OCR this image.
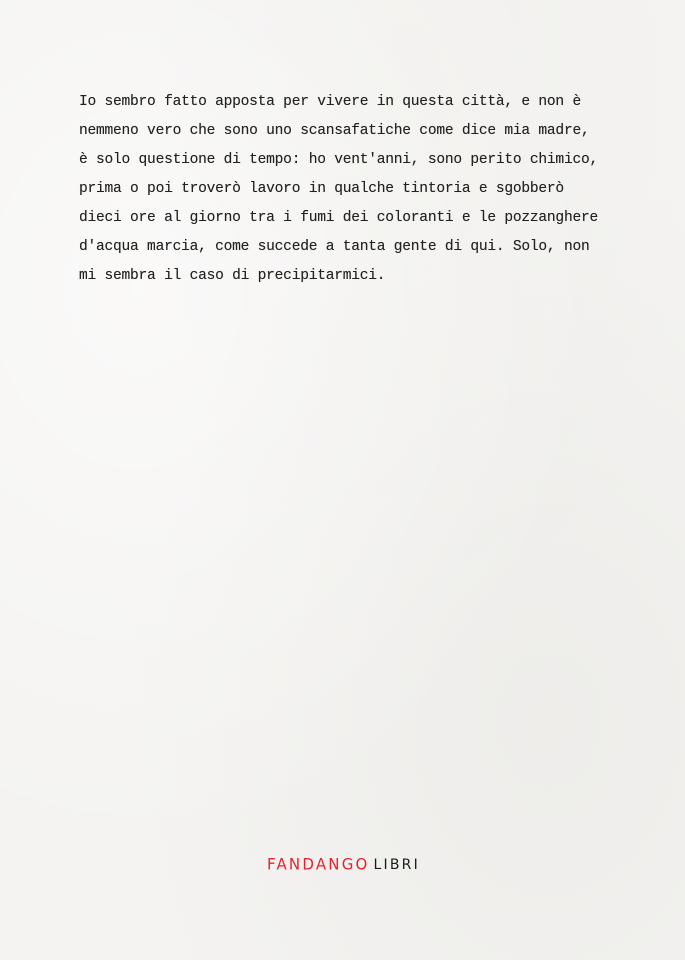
Io sembro fatto apposta per vivere in questa città, e non è
nemmeno vero che sono uno scansafatiche come dice mia madre,
è solo questione di tempo: ho vent'anni, sono perito chimico,
prima o poi troverò lavoro in qualche tintoria e sgobberò
dieci ore al giorno tra i fumi dei coloranti e le pozzanghere
d'acqua marcia, come succede a tanta gente di qui. Solo, non
mi sembra il caso di precipitarmici.
FANDANGO LIBRI
